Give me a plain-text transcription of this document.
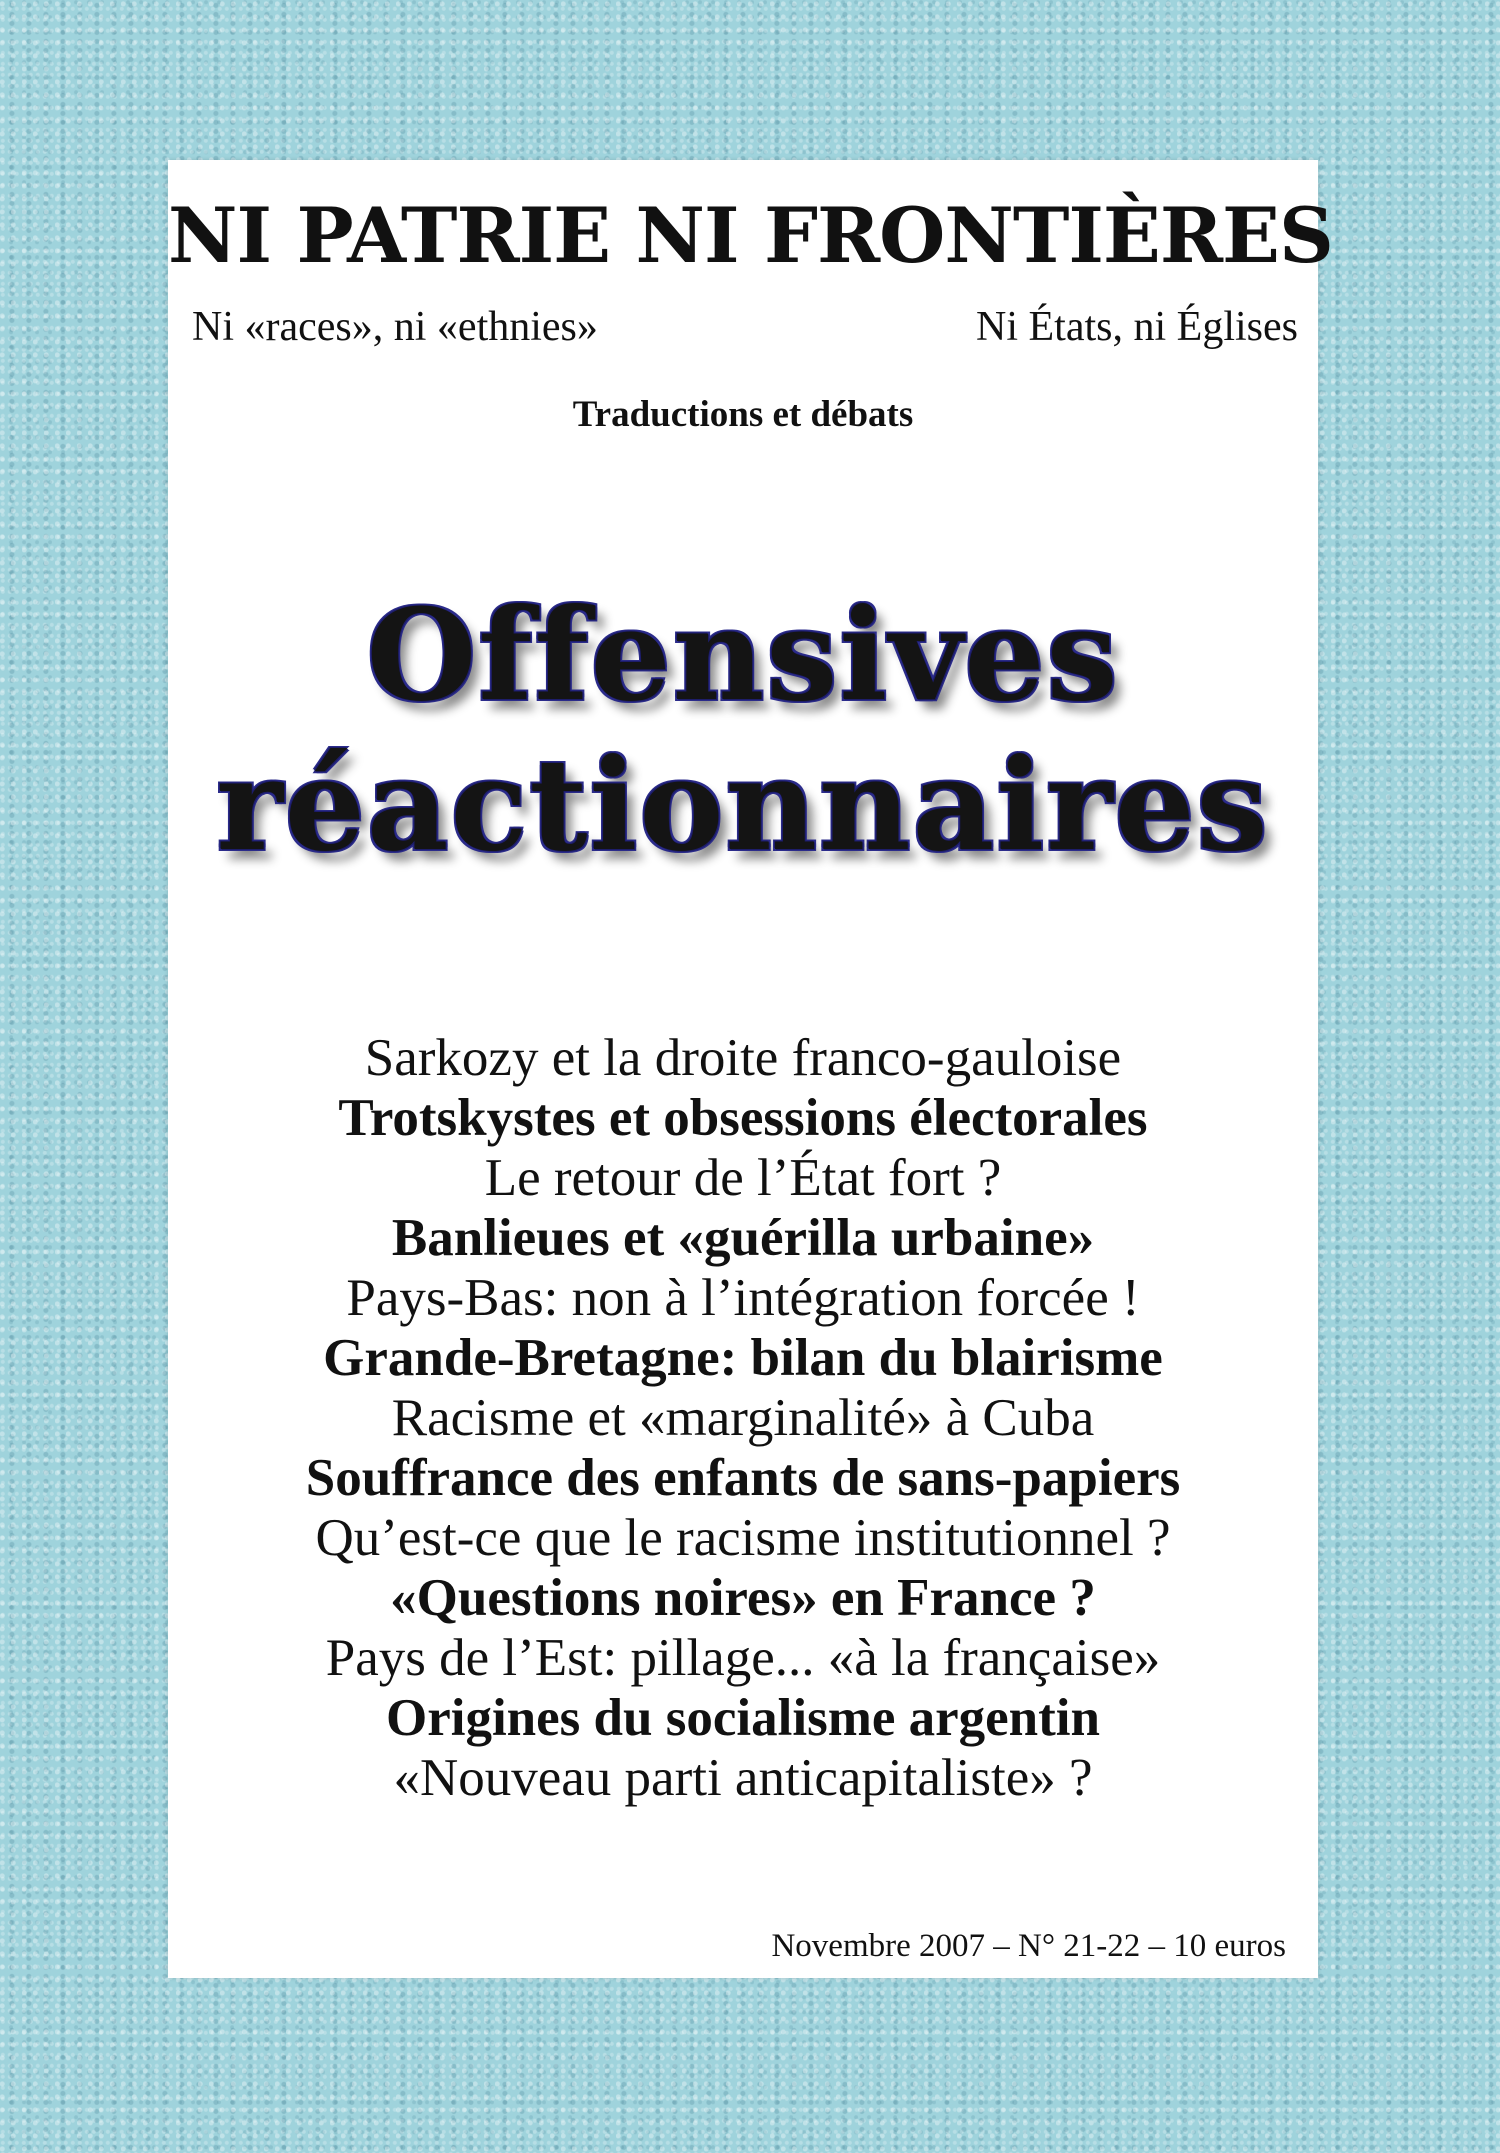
NI PATRIE NI FRONTIÈRES
Ni «races», ni «ethnies»	Ni États, ni Églises
Traductions et débats
Offensives
réactionnaires
Sarkozy et la droite franco-gauloise
Trotskystes et obsessions électorales
Le retour de l’État fort ?
Banlieues et «guérilla urbaine»
Pays-Bas: non à l’intégration forcée !
Grande-Bretagne: bilan du blairisme
Racisme et «marginalité» à Cuba
Souffrance des enfants de sans-papiers
Qu’est-ce que le racisme institutionnel ?
«Questions noires» en France ?
Pays de l’Est: pillage... «à la française»
Origines du socialisme argentin
«Nouveau parti anticapitaliste» ?
Novembre 2007 – N° 21-22 – 10 euros
